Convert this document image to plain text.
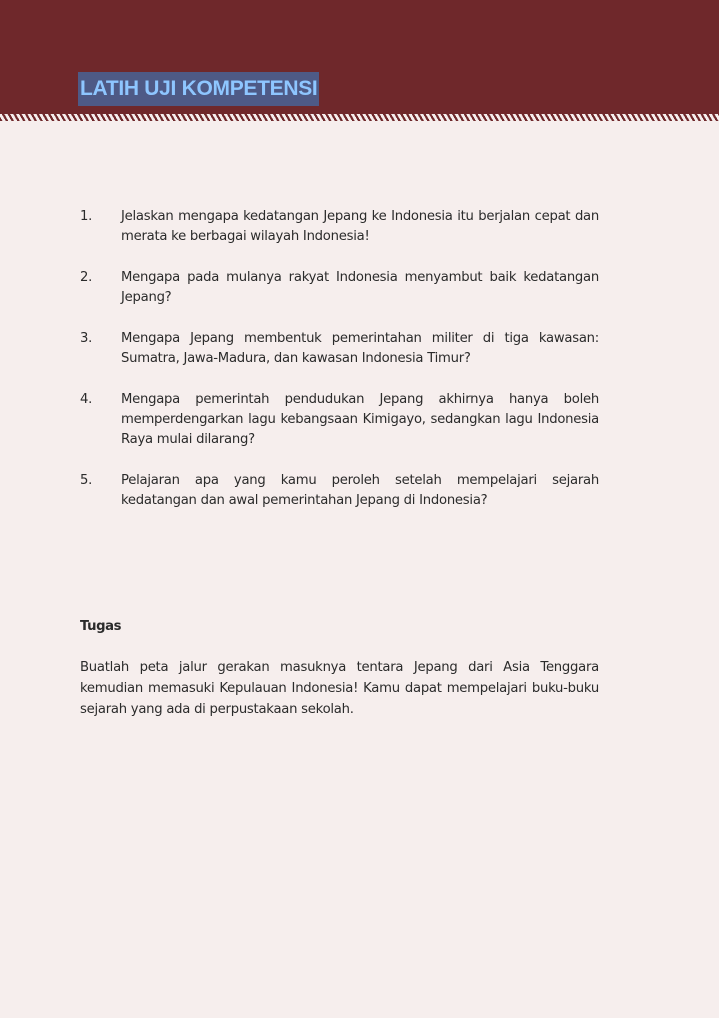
LATIH UJI KOMPETENSI
1. Jelaskan mengapa kedatangan Jepang ke Indonesia itu berjalan cepat dan merata ke berbagai wilayah Indonesia!
2. Mengapa pada mulanya rakyat Indonesia menyambut baik kedatangan Jepang?
3. Mengapa Jepang membentuk pemerintahan militer di tiga kawasan: Sumatra, Jawa-Madura, dan kawasan Indonesia Timur?
4. Mengapa pemerintah pendudukan Jepang akhirnya hanya boleh memperdengarkan lagu kebangsaan Kimigayo, sedangkan lagu Indonesia Raya mulai dilarang?
5. Pelajaran apa yang kamu peroleh setelah mempelajari sejarah kedatangan dan awal pemerintahan Jepang di Indonesia?
Tugas
Buatlah peta jalur gerakan masuknya tentara Jepang dari Asia Tenggara kemudian memasuki Kepulauan Indonesia! Kamu dapat mempelajari buku-buku sejarah yang ada di perpustakaan sekolah.
